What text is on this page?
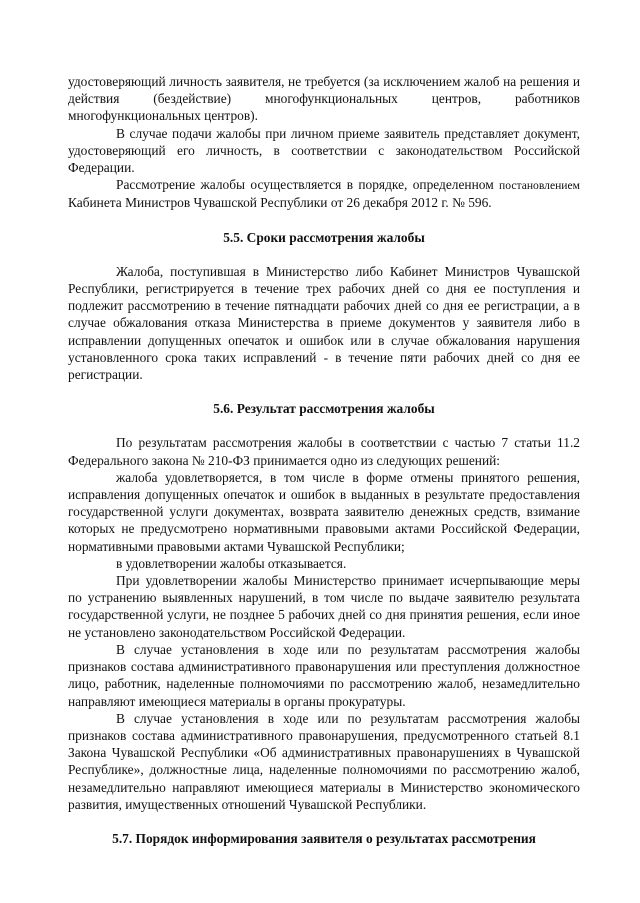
удостоверяющий личность заявителя, не требуется (за исключением жалоб на решения и действия (бездействие) многофункциональных центров, работников многофункциональных центров).

В случае подачи жалобы при личном приеме заявитель представляет документ, удостоверяющий его личность, в соответствии с законодательством Российской Федерации.

Рассмотрение жалобы осуществляется в порядке, определенном постановлением Кабинета Министров Чувашской Республики от 26 декабря 2012 г. № 596.

5.5. Сроки рассмотрения жалобы

Жалоба, поступившая в Министерство либо Кабинет Министров Чувашской Республики, регистрируется в течение трех рабочих дней со дня ее поступления и подлежит рассмотрению в течение пятнадцати рабочих дней со дня ее регистрации, а в случае обжалования отказа Министерства в приеме документов у заявителя либо в исправлении допущенных опечаток и ошибок или в случае обжалования нарушения установленного срока таких исправлений - в течение пяти рабочих дней со дня ее регистрации.

5.6. Результат рассмотрения жалобы

По результатам рассмотрения жалобы в соответствии с частью 7 статьи 11.2 Федерального закона № 210-ФЗ принимается одно из следующих решений:

жалоба удовлетворяется, в том числе в форме отмены принятого решения, исправления допущенных опечаток и ошибок в выданных в результате предоставления государственной услуги документах, возврата заявителю денежных средств, взимание которых не предусмотрено нормативными правовыми актами Российской Федерации, нормативными правовыми актами Чувашской Республики;

в удовлетворении жалобы отказывается.

При удовлетворении жалобы Министерство принимает исчерпывающие меры по устранению выявленных нарушений, в том числе по выдаче заявителю результата государственной услуги, не позднее 5 рабочих дней со дня принятия решения, если иное не установлено законодательством Российской Федерации.

В случае установления в ходе или по результатам рассмотрения жалобы признаков состава административного правонарушения или преступления должностное лицо, работник, наделенные полномочиями по рассмотрению жалоб, незамедлительно направляют имеющиеся материалы в органы прокуратуры.

В случае установления в ходе или по результатам рассмотрения жалобы признаков состава административного правонарушения, предусмотренного статьей 8.1 Закона Чувашской Республики «Об административных правонарушениях в Чувашской Республике», должностные лица, наделенные полномочиями по рассмотрению жалоб, незамедлительно направляют имеющиеся материалы в Министерство экономического развития, имущественных отношений Чувашской Республики.

5.7. Порядок информирования заявителя о результатах рассмотрения
